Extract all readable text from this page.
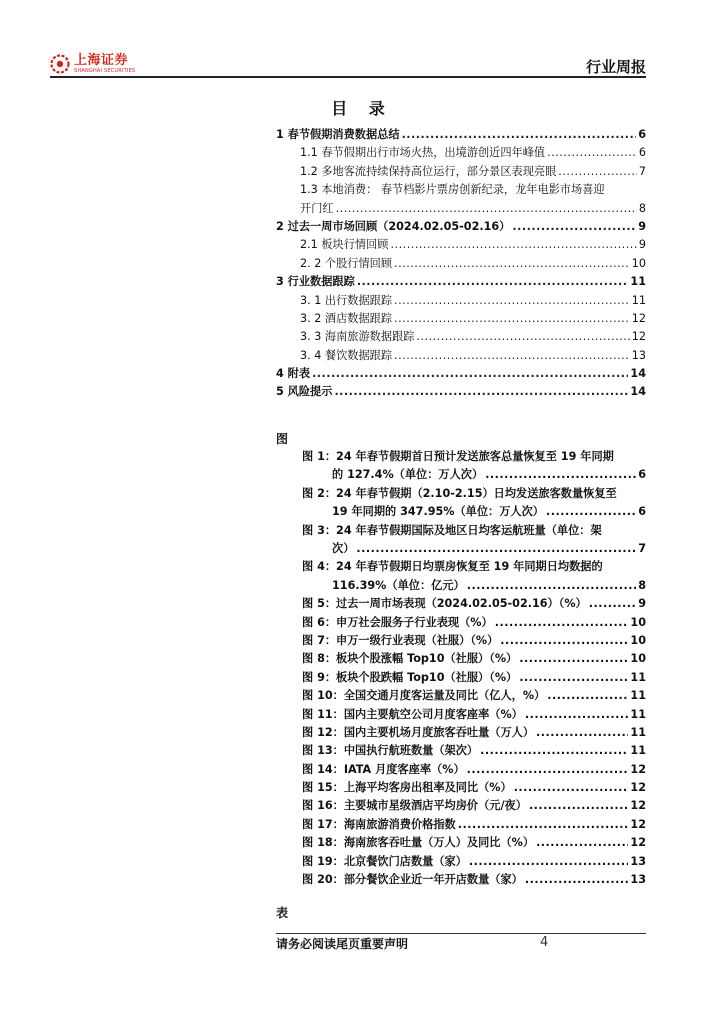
上海证券
SHANGHAI SECURITIES	行业周报
目 录
1 春节假期消费数据总结 .....	6
1.1 春节假期出行市场火热，出境游创近四年峰值 .....	6
1.2 多地客流持续保持高位运行，部分景区表现亮眼 .....	7
1.3 本地消费： 春节档影片票房创新纪录，龙年电影市场喜迎
开门红 .....	8
2 过去一周市场回顾（2024.02.05-02.16） .....	9
2.1 板块行情回顾 .....	9
2. 2 个股行情回顾 .....	10
3 行业数据跟踪 .....	11
3. 1 出行数据跟踪 .....	11
3. 2 酒店数据跟踪 .....	12
3. 3 海南旅游数据跟踪 .....	12
3. 4 餐饮数据跟踪 .....	13
4 附表 .....	14
5 风险提示 .....	14
图
图 1：24 年春节假期首日预计发送旅客总量恢复至 19 年同期
的 127.4%（单位：万人次） .....	6
图 2：24 年春节假期（2.10-2.15）日均发送旅客数量恢复至
19 年同期的 347.95%（单位：万人次） .....	6
图 3：24 年春节假期国际及地区日均客运航班量（单位：架
次） .....	7
图 4：24 年春节假期日均票房恢复至 19 年同期日均数据的
116.39%（单位：亿元） .....	8
图 5：过去一周市场表现（2024.02.05-02.16）（%） .....	9
图 6：申万社会服务子行业表现（%） .....	10
图 7：申万一级行业表现（社服）（%） .....	10
图 8：板块个股涨幅 Top10（社服）（%） .....	10
图 9：板块个股跌幅 Top10（社服）（%） .....	11
图 10：全国交通月度客运量及同比（亿人，%） .....	11
图 11：国内主要航空公司月度客座率（%） .....	11
图 12：国内主要机场月度旅客吞吐量（万人） .....	11
图 13：中国执行航班数量（架次） .....	11
图 14：IATA 月度客座率（%） .....	12
图 15：上海平均客房出租率及同比（%） .....	12
图 16：主要城市星级酒店平均房价（元/夜） .....	12
图 17：海南旅游消费价格指数 .....	12
图 18：海南旅客吞吐量（万人）及同比（%） .....	12
图 19：北京餐饮门店数量（家） .....	13
图 20：部分餐饮企业近一年开店数量（家） .....	13
表
请务必阅读尾页重要声明	4
